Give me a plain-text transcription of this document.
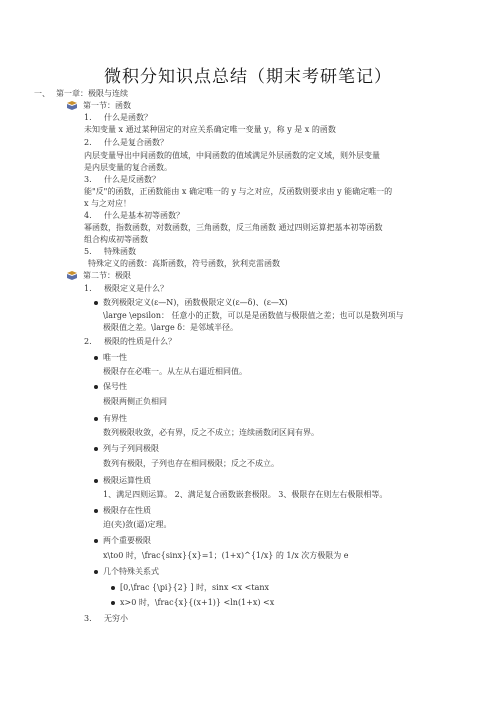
微积分知识点总结（期末考研笔记）
一、 第一章：极限与连续
第一节：函数
1. 什么是函数？
未知变量 x 通过某种固定的对应关系确定唯一变量 y，称 y 是 x 的函数
2. 什么是复合函数？
内层变量导出中间函数的值域，中间函数的值域满足外层函数的定义域，则外层变量
是内层变量的复合函数。
3. 什么是反函数？
能"反"的函数，正函数能由 x 确定唯一的 y 与之对应，反函数则要求由 y 能确定唯一的
x 与之对应！
4. 什么是基本初等函数？
幂函数，指数函数，对数函数，三角函数，反三角函数 通过四则运算把基本初等函数
组合构成初等函数
5. 特殊函数
特殊定义的函数：高斯函数，符号函数，狄利克雷函数
第二节：极限
1. 极限定义是什么？
数列极限定义(ε—N)，函数极限定义(ε—δ)、(ε—X)
\large \epsilon： 任意小的正数，可以是是函数值与极限值之差；也可以是数列项与
极限值之差。\large δ：是邻域半径。
2. 极限的性质是什么？
唯一性
极限存在必唯一。从左从右逼近相同值。
保号性
极限两侧正负相同
有界性
数列极限收敛，必有界，反之不成立；连续函数闭区间有界。
列与子列同极限
数列有极限，子列也存在相同极限；反之不成立。
极限运算性质
1、满足四则运算。 2、满足复合函数嵌套极限。 3、极限存在则左右极限相等。
极限存在性质
迫(夹)敛(逼)定理。
两个重要极限
x\to0 时，\frac{sinx}{x}=1；(1+x)^{1/x} 的 1/x 次方极限为 e
几个特殊关系式
[0,\frac {\pi}{2} ] 时，sinx <x <tanx
x>0 时，\frac{x}{(x+1)} <ln(1+x) <x
3. 无穷小
